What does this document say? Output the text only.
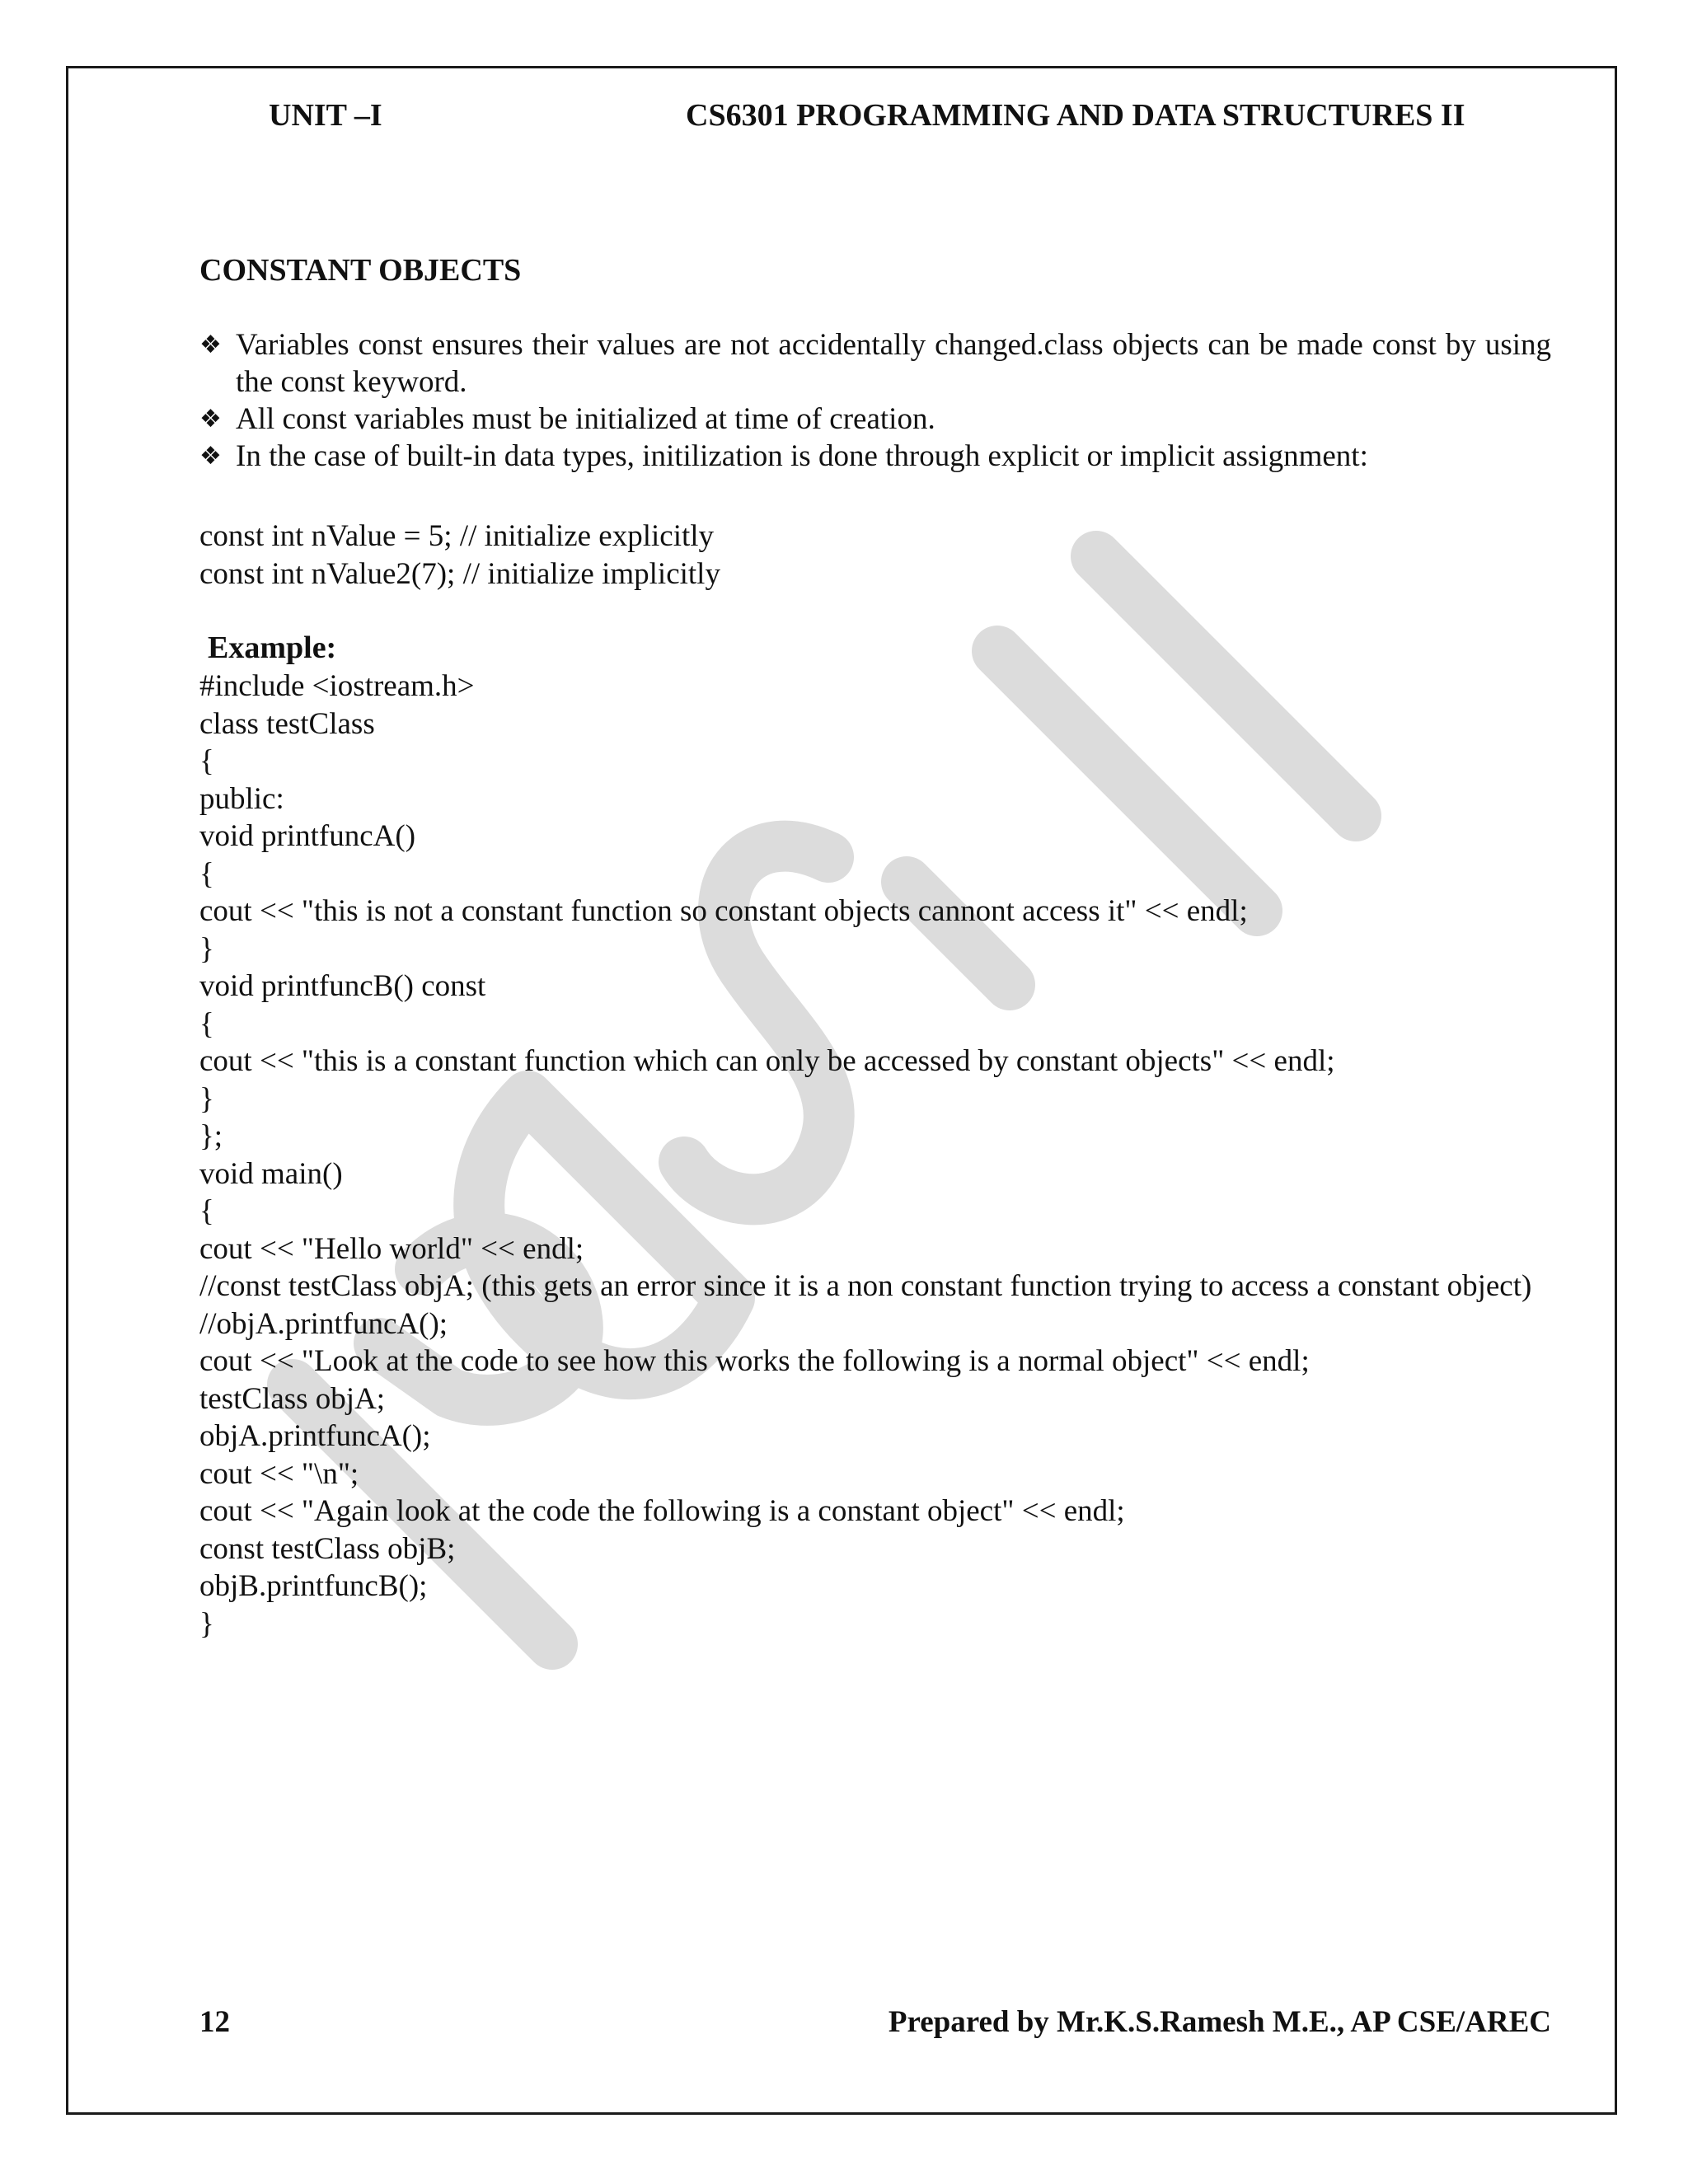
UNIT –I	CS6301 PROGRAMMING AND DATA STRUCTURES II
CONSTANT OBJECTS
❖ Variables const ensures their values are not accidentally changed.class objects can be made const by using the const keyword.
❖ All const variables must be initialized at time of creation.
❖ In the case of built-in data types, initilization is done through explicit or implicit assignment:
const int nValue = 5; // initialize explicitly
const int nValue2(7); // initialize implicitly
Example:
#include <iostream.h>
class testClass
{
public:
void printfuncA()
{
cout << "this is not a constant function so constant objects cannont access it" << endl;
}
void printfuncB() const
{
cout << "this is a constant function which can only be accessed by constant objects" << endl;
}
};
void main()
{
cout << "Hello world" << endl;
//const testClass objA; (this gets an error since it is a non constant function trying to access a constant object)
//objA.printfuncA();
cout << "Look at the code to see how this works the following is a normal object" << endl;
testClass objA;
objA.printfuncA();
cout << "\n";
cout << "Again look at the code the following is a constant object" << endl;
const testClass objB;
objB.printfuncB();
}
12	Prepared by Mr.K.S.Ramesh M.E., AP CSE/AREC
